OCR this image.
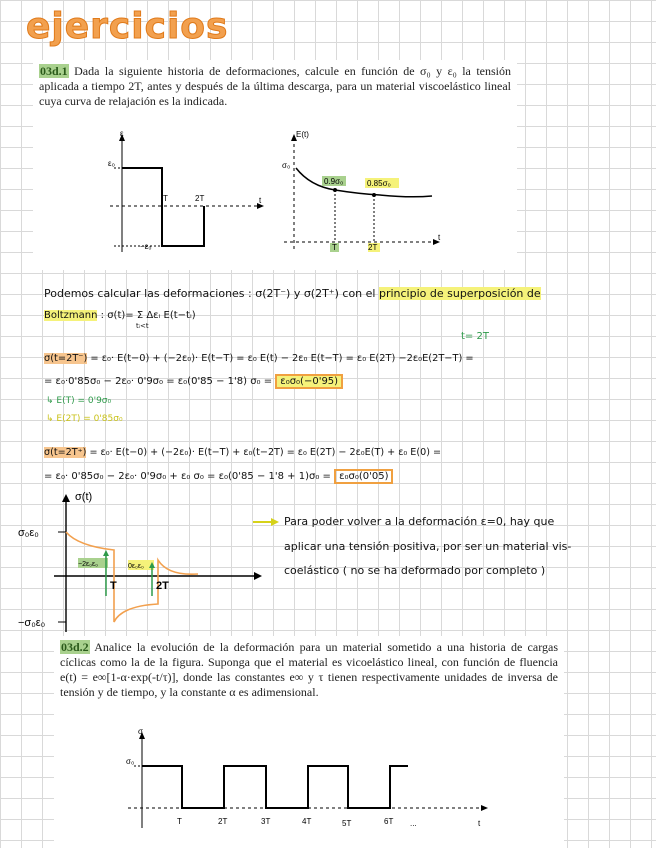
ejercicios
03d.1 Dada la siguiente historia de deformaciones, calcule en función de σ₀ y ε₀ la tensión aplicada a tiempo 2T, antes y después de la última descarga, para un material viscoelástico lineal cuya curva de relajación es la indicada.
ε
ε₀
−ε₀
T	2T	t
E(t)
σ₀
0.9σ₀	0.85σ₀
T	2T
t
Podemos calcular las deformaciones : σ(2T⁻) y σ(2T⁺) con el principio de superposición de
Boltzmann : σ(t)= Σ Δεᵢ E(t−tᵢ)
tᵢ<t
t= 2T
σ(t=2T⁻) = ε₀· E(t−0) + (−2ε₀)· E(t−T) = ε₀ E(t) − 2ε₀ E(t−T) = ε₀ E(2T) −2ε₀E(2T−T) =
= ε₀·0'85σ₀ − 2ε₀· 0'9σ₀ = ε₀(0'85 − 1'8) σ₀ = ε₀σ₀(−0'95)
↳ E(T) = 0'9σ₀
↳ E(2T) = 0'85σ₀
σ(t=2T⁺) = ε₀· E(t−0) + (−2ε₀)· E(t−T) + ε₀(t−2T) = ε₀ E(2T) − 2ε₀E(T) + ε₀ E(0) =
= ε₀· 0'85σ₀ − 2ε₀· 0'9σ₀ + ε₀ σ₀ = ε₀(0'85 − 1'8 + 1)σ₀ = ε₀σ₀(0'05)
σ(t)
σ₀ε₀
−σ₀ε₀
−2ε₀ε₀	0ε₀ε₀
T	2T
Para poder volver a la deformación ε=0, hay que
aplicar una tensión positiva, por ser un material vis-
coelástico ( no se ha deformado por completo )
03d.2 Analice la evolución de la deformación para un material sometido a una historia de cargas cíclicas como la de la figura. Suponga que el material es vicoelástico lineal, con función de fluencia e(t) = e∞[1-α·exp(-t/τ)], donde las constantes e∞ y τ tienen respectivamente unidades de inversa de tensión y de tiempo, y la constante α es adimensional.
σ
σ₀
T	2T	3T	4T	5T	6T ...	t
